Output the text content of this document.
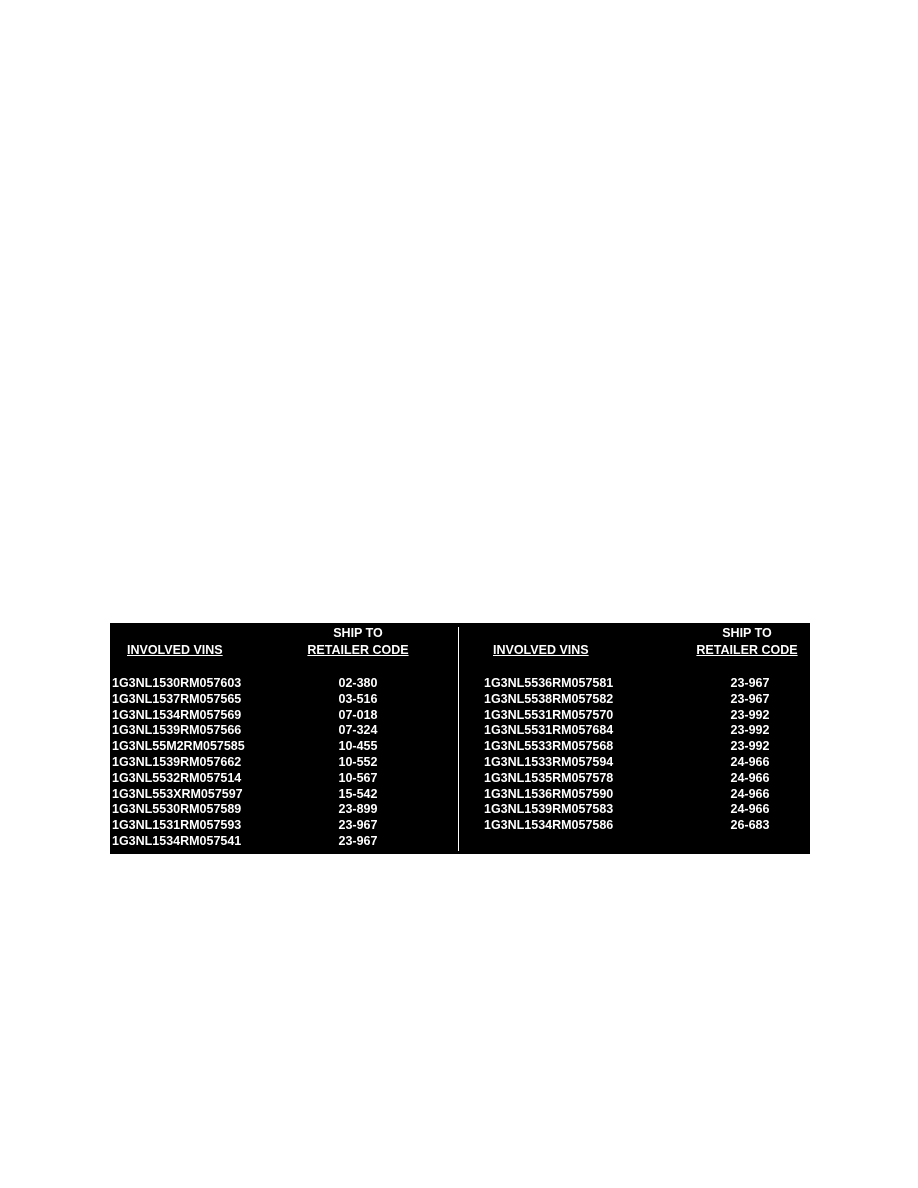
INVOLVED VINS
SHIP TO
RETAILER CODE
1G3NL1530RM057603	02-380
1G3NL1537RM057565	03-516
1G3NL1534RM057569	07-018
1G3NL1539RM057566	07-324
1G3NL55M2RM057585	10-455
1G3NL1539RM057662	10-552
1G3NL5532RM057514	10-567
1G3NL553XRM057597	15-542
1G3NL5530RM057589	23-899
1G3NL1531RM057593	23-967
1G3NL1534RM057541	23-967
INVOLVED VINS
SHIP TO
RETAILER CODE
1G3NL5536RM057581	23-967
1G3NL5538RM057582	23-967
1G3NL5531RM057570	23-992
1G3NL5531RM057684	23-992
1G3NL5533RM057568	23-992
1G3NL1533RM057594	24-966
1G3NL1535RM057578	24-966
1G3NL1536RM057590	24-966
1G3NL1539RM057583	24-966
1G3NL1534RM057586	26-683
